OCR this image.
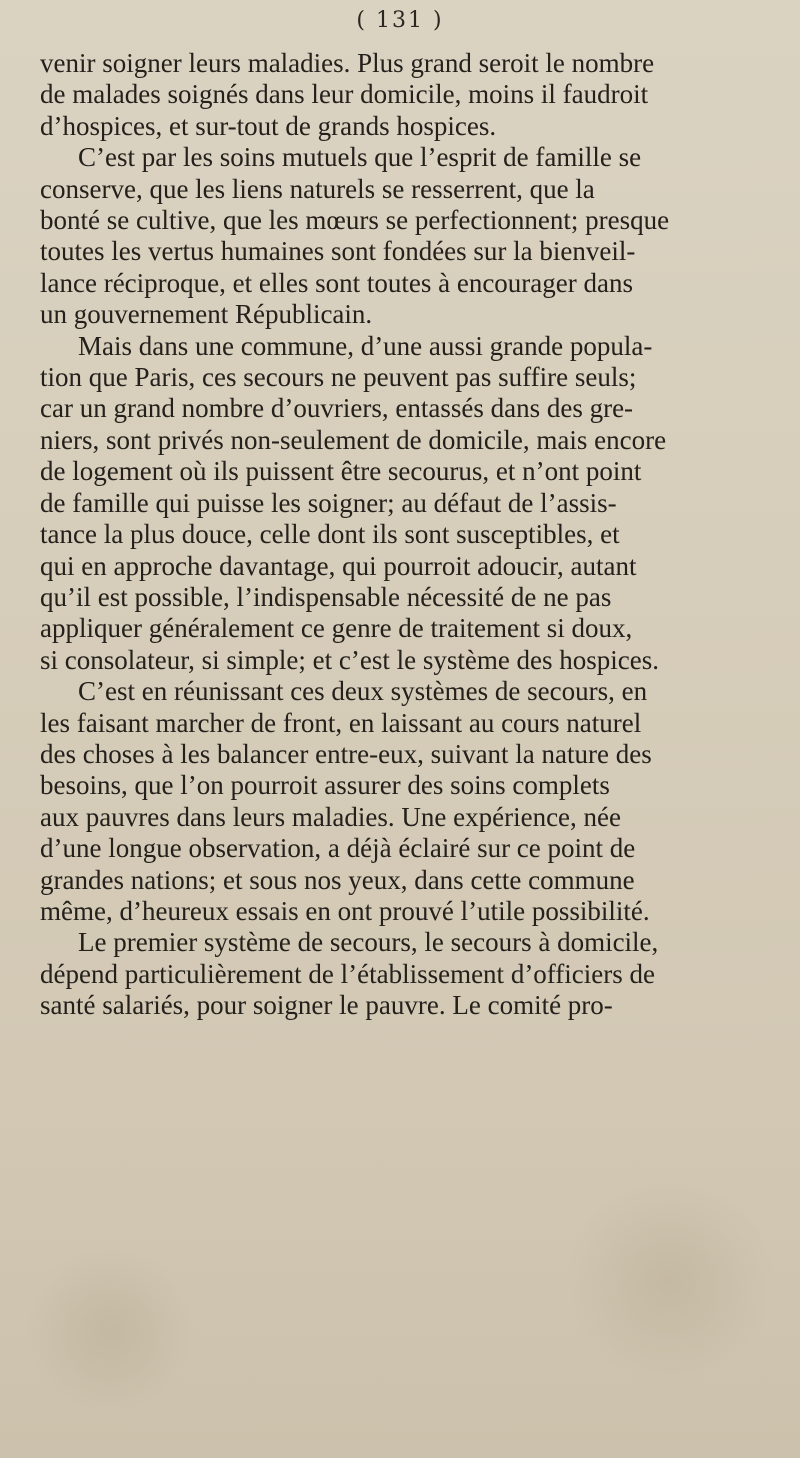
( 131 )
venir soigner leurs maladies. Plus grand seroit le nombre
de malades soignés dans leur domicile, moins il faudroit
d’hospices, et sur-tout de grands hospices.
C’est par les soins mutuels que l’esprit de famille se
conserve, que les liens naturels se resserrent, que la
bonté se cultive, que les mœurs se perfectionnent; presque
toutes les vertus humaines sont fondées sur la bienveil-
lance réciproque, et elles sont toutes à encourager dans
un gouvernement Républicain.
Mais dans une commune, d’une aussi grande popula-
tion que Paris, ces secours ne peuvent pas suffire seuls;
car un grand nombre d’ouvriers, entassés dans des gre-
niers, sont privés non-seulement de domicile, mais encore
de logement où ils puissent être secourus, et n’ont point
de famille qui puisse les soigner; au défaut de l’assis-
tance la plus douce, celle dont ils sont susceptibles, et
qui en approche davantage, qui pourroit adoucir, autant
qu’il est possible, l’indispensable nécessité de ne pas
appliquer généralement ce genre de traitement si doux,
si consolateur, si simple; et c’est le système des hospices.
C’est en réunissant ces deux systèmes de secours, en
les faisant marcher de front, en laissant au cours naturel
des choses à les balancer entre-eux, suivant la nature des
besoins, que l’on pourroit assurer des soins complets
aux pauvres dans leurs maladies. Une expérience, née
d’une longue observation, a déjà éclairé sur ce point de
grandes nations; et sous nos yeux, dans cette commune
même, d’heureux essais en ont prouvé l’utile possibilité.
Le premier système de secours, le secours à domicile,
dépend particulièrement de l’établissement d’officiers de
santé salariés, pour soigner le pauvre. Le comité pro-
